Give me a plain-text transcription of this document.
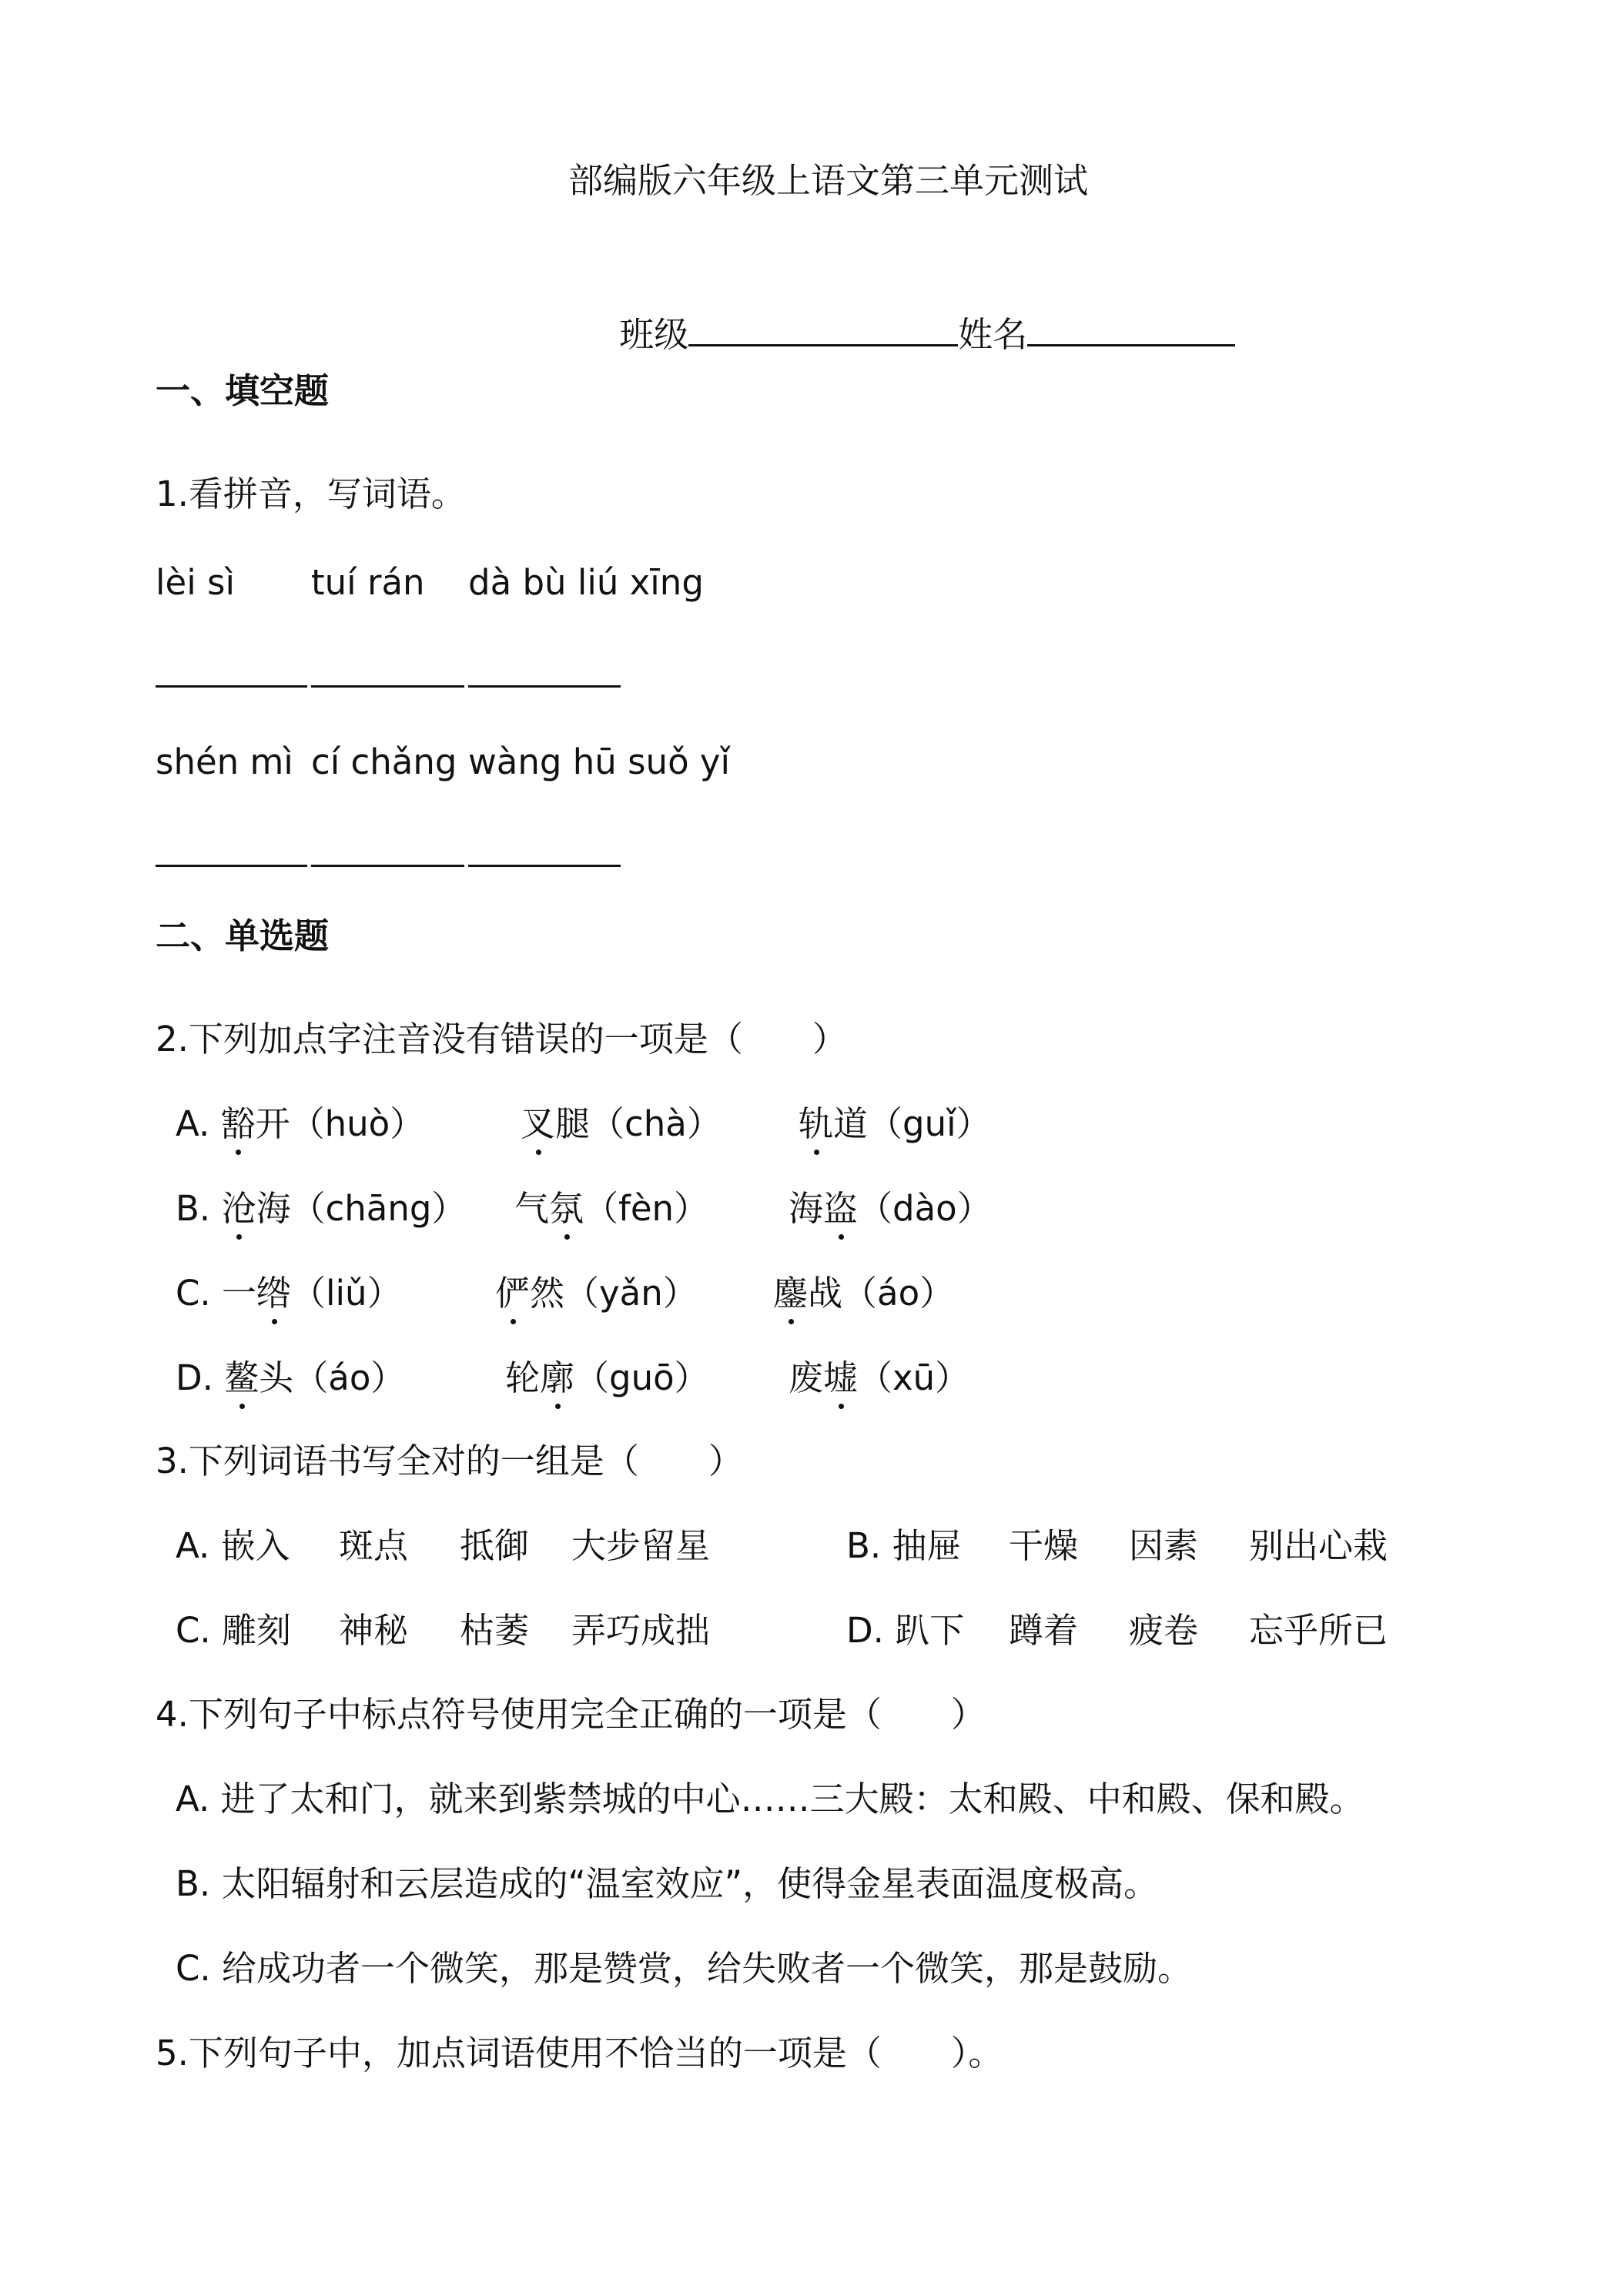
部编版六年级上语文第三单元测试

班级	姓名

一、填空题
1.看拼音，写词语。
lèi sì tuí rán dà bù liú xīng
shén mì cí chǎng wàng hū suǒ yǐ
二、单选题
2.下列加点字注音没有错误的一项是（　　）
A. 豁开（huò）	叉腿（chà） 轨道（guǐ）
B. 沧海（chāng） 气氛（fèn） 海盗（dào）
C. 一绺（liǔ）	俨然（yǎn） 鏖战（áo）
D. 鳌头（áo）	轮廓（guō） 废墟（xū）
3.下列词语书写全对的一组是（　　）
A. 嵌入 斑点 抵御 大步留星	B. 抽屉 干燥 因素 别出心栽
C. 雕刻 神秘 枯萎 弄巧成拙	D. 趴下 蹲着 疲卷 忘乎所已
4.下列句子中标点符号使用完全正确的一项是（　　）
A. 进了太和门，就来到紫禁城的中心……三大殿：太和殿、中和殿、保和殿。
B. 太阳辐射和云层造成的“温室效应”，使得金星表面温度极高。
C. 给成功者一个微笑，那是赞赏，给失败者一个微笑，那是鼓励。
5.下列句子中，加点词语使用不恰当的一项是（　　）。
